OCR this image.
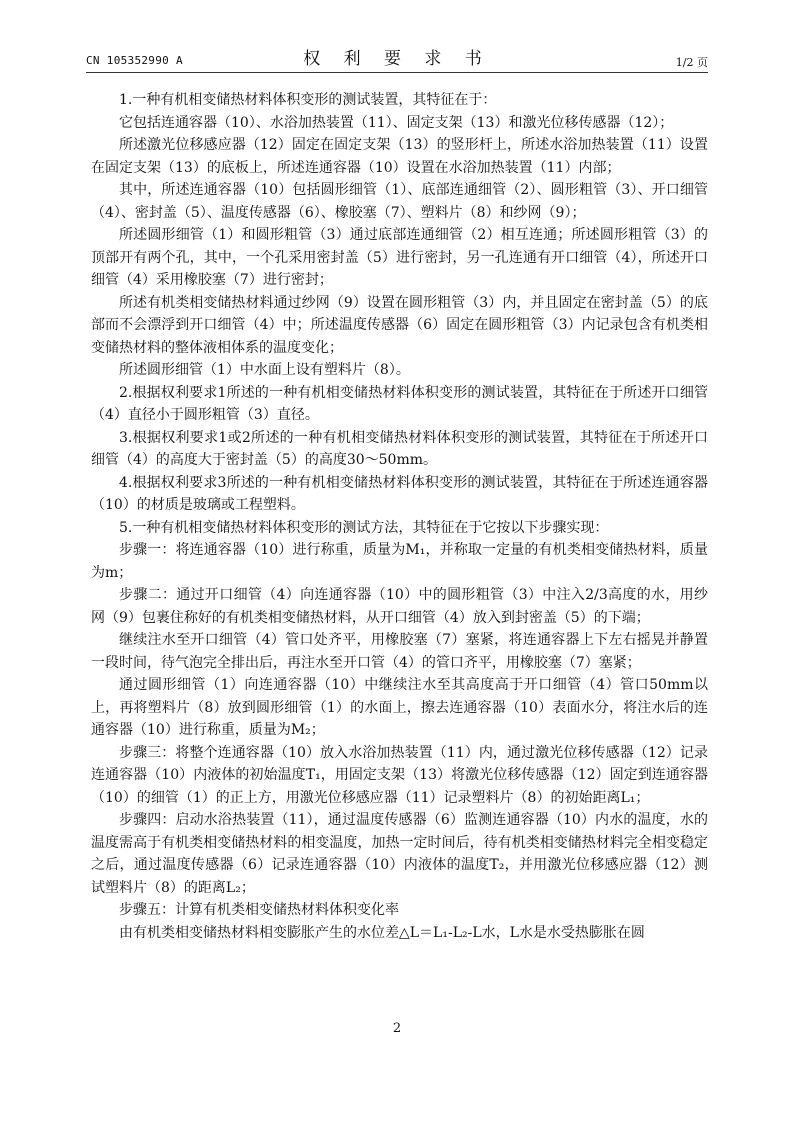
CN 105352990 A	权 利 要 求 书	1/2 页

1.一种有机相变储热材料体积变形的测试装置，其特征在于：

它包括连通容器（10）、水浴加热装置（11）、固定支架（13）和激光位移传感器（12）；

所述激光位移感应器（12）固定在固定支架（13）的竖形杆上，所述水浴加热装置（11）设置在固定支架（13）的底板上，所述连通容器（10）设置在水浴加热装置（11）内部；

其中，所述连通容器（10）包括圆形细管（1）、底部连通细管（2）、圆形粗管（3）、开口细管（4）、密封盖（5）、温度传感器（6）、橡胶塞（7）、塑料片（8）和纱网（9）；

所述圆形细管（1）和圆形粗管（3）通过底部连通细管（2）相互连通；所述圆形粗管（3）的顶部开有两个孔，其中，一个孔采用密封盖（5）进行密封，另一孔连通有开口细管（4），所述开口细管（4）采用橡胶塞（7）进行密封；

所述有机类相变储热材料通过纱网（9）设置在圆形粗管（3）内，并且固定在密封盖（5）的底部而不会漂浮到开口细管（4）中；所述温度传感器（6）固定在圆形粗管（3）内记录包含有机类相变储热材料的整体液相体系的温度变化；

所述圆形细管（1）中水面上设有塑料片（8）。

2.根据权利要求1所述的一种有机相变储热材料体积变形的测试装置，其特征在于所述开口细管（4）直径小于圆形粗管（3）直径。

3.根据权利要求1或2所述的一种有机相变储热材料体积变形的测试装置，其特征在于所述开口细管（4）的高度大于密封盖（5）的高度30～50mm。

4.根据权利要求3所述的一种有机相变储热材料体积变形的测试装置，其特征在于所述连通容器（10）的材质是玻璃或工程塑料。

5.一种有机相变储热材料体积变形的测试方法，其特征在于它按以下步骤实现：

步骤一：将连通容器（10）进行称重，质量为M₁，并称取一定量的有机类相变储热材料，质量为m；

步骤二：通过开口细管（4）向连通容器（10）中的圆形粗管（3）中注入2/3高度的水，用纱网（9）包裹住称好的有机类相变储热材料，从开口细管（4）放入到封密盖（5）的下端；

继续注水至开口细管（4）管口处齐平，用橡胶塞（7）塞紧，将连通容器上下左右摇晃并静置一段时间，待气泡完全排出后，再注水至开口管（4）的管口齐平，用橡胶塞（7）塞紧；

通过圆形细管（1）向连通容器（10）中继续注水至其高度高于开口细管（4）管口50mm以上，再将塑料片（8）放到圆形细管（1）的水面上，擦去连通容器（10）表面水分，将注水后的连通容器（10）进行称重，质量为M₂；

步骤三：将整个连通容器（10）放入水浴加热装置（11）内，通过激光位移传感器（12）记录连通容器（10）内液体的初始温度T₁，用固定支架（13）将激光位移传感器（12）固定到连通容器（10）的细管（1）的正上方，用激光位移感应器（11）记录塑料片（8）的初始距离L₁；

步骤四：启动水浴热装置（11），通过温度传感器（6）监测连通容器（10）内水的温度，水的温度需高于有机类相变储热材料的相变温度，加热一定时间后，待有机类相变储热材料完全相变稳定之后，通过温度传感器（6）记录连通容器（10）内液体的温度T₂，并用激光位移感应器（12）测试塑料片（8）的距离L₂；

步骤五：计算有机类相变储热材料体积变化率

由有机类相变储热材料相变膨胀产生的水位差△L＝L₁-L₂-L水，L水是水受热膨胀在圆

2
